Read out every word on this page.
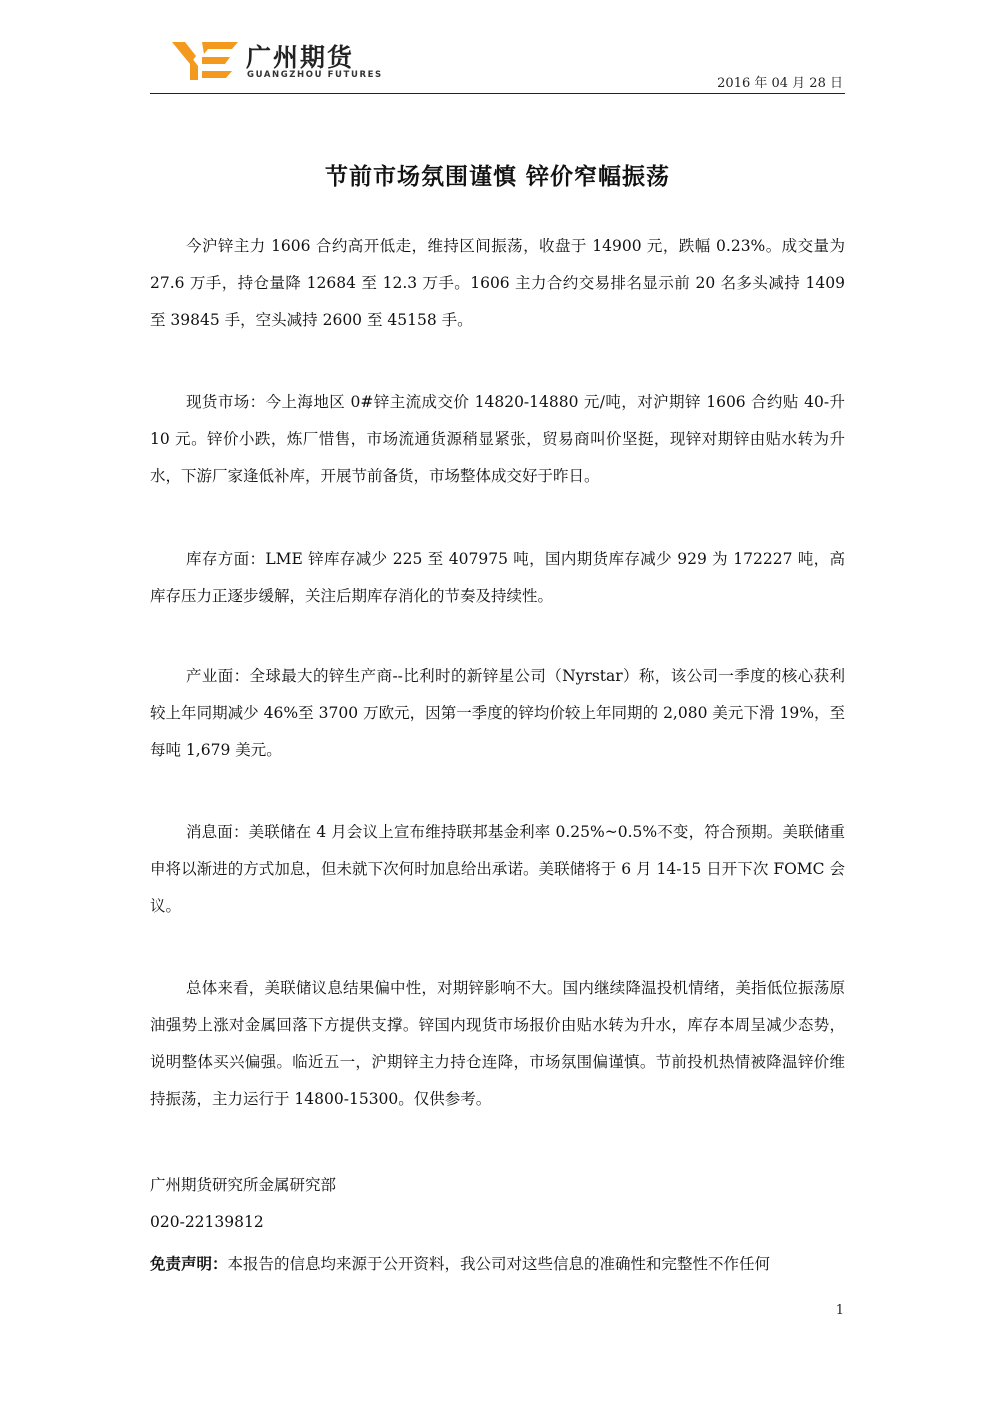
广州期货
GUANGZHOU FUTURES
2016 年 04 月 28 日
节前市场氛围谨慎 锌价窄幅振荡

今沪锌主力 1606 合约高开低走，维持区间振荡，收盘于 14900 元，跌幅 0.23%。成交量为 27.6 万手，持仓量降 12684 至 12.3 万手。1606 主力合约交易排名显示前 20 名多头减持 1409 至 39845 手，空头减持 2600 至 45158 手。

现货市场：今上海地区 0#锌主流成交价 14820-14880 元/吨，对沪期锌 1606 合约贴 40-升 10 元。锌价小跌，炼厂惜售，市场流通货源稍显紧张，贸易商叫价坚挺，现锌对期锌由贴水转为升水，下游厂家逢低补库，开展节前备货，市场整体成交好于昨日。

库存方面：LME 锌库存减少 225 至 407975 吨，国内期货库存减少 929 为 172227 吨，高库存压力正逐步缓解，关注后期库存消化的节奏及持续性。

产业面：全球最大的锌生产商--比利时的新锌星公司（Nyrstar）称，该公司一季度的核心获利较上年同期减少 46%至 3700 万欧元，因第一季度的锌均价较上年同期的 2,080 美元下滑 19%，至每吨 1,679 美元。

消息面：美联储在 4 月会议上宣布维持联邦基金利率 0.25%~0.5%不变，符合预期。美联储重申将以渐进的方式加息，但未就下次何时加息给出承诺。美联储将于 6 月 14-15 日开下次 FOMC 会议。

总体来看，美联储议息结果偏中性，对期锌影响不大。国内继续降温投机情绪，美指低位振荡原油强势上涨对金属回落下方提供支撑。锌国内现货市场报价由贴水转为升水，库存本周呈减少态势，说明整体买兴偏强。临近五一，沪期锌主力持仓连降，市场氛围偏谨慎。节前投机热情被降温锌价维持振荡，主力运行于 14800-15300。仅供参考。

广州期货研究所金属研究部
020-22139812
免责声明：本报告的信息均来源于公开资料，我公司对这些信息的准确性和完整性不作任何
1
